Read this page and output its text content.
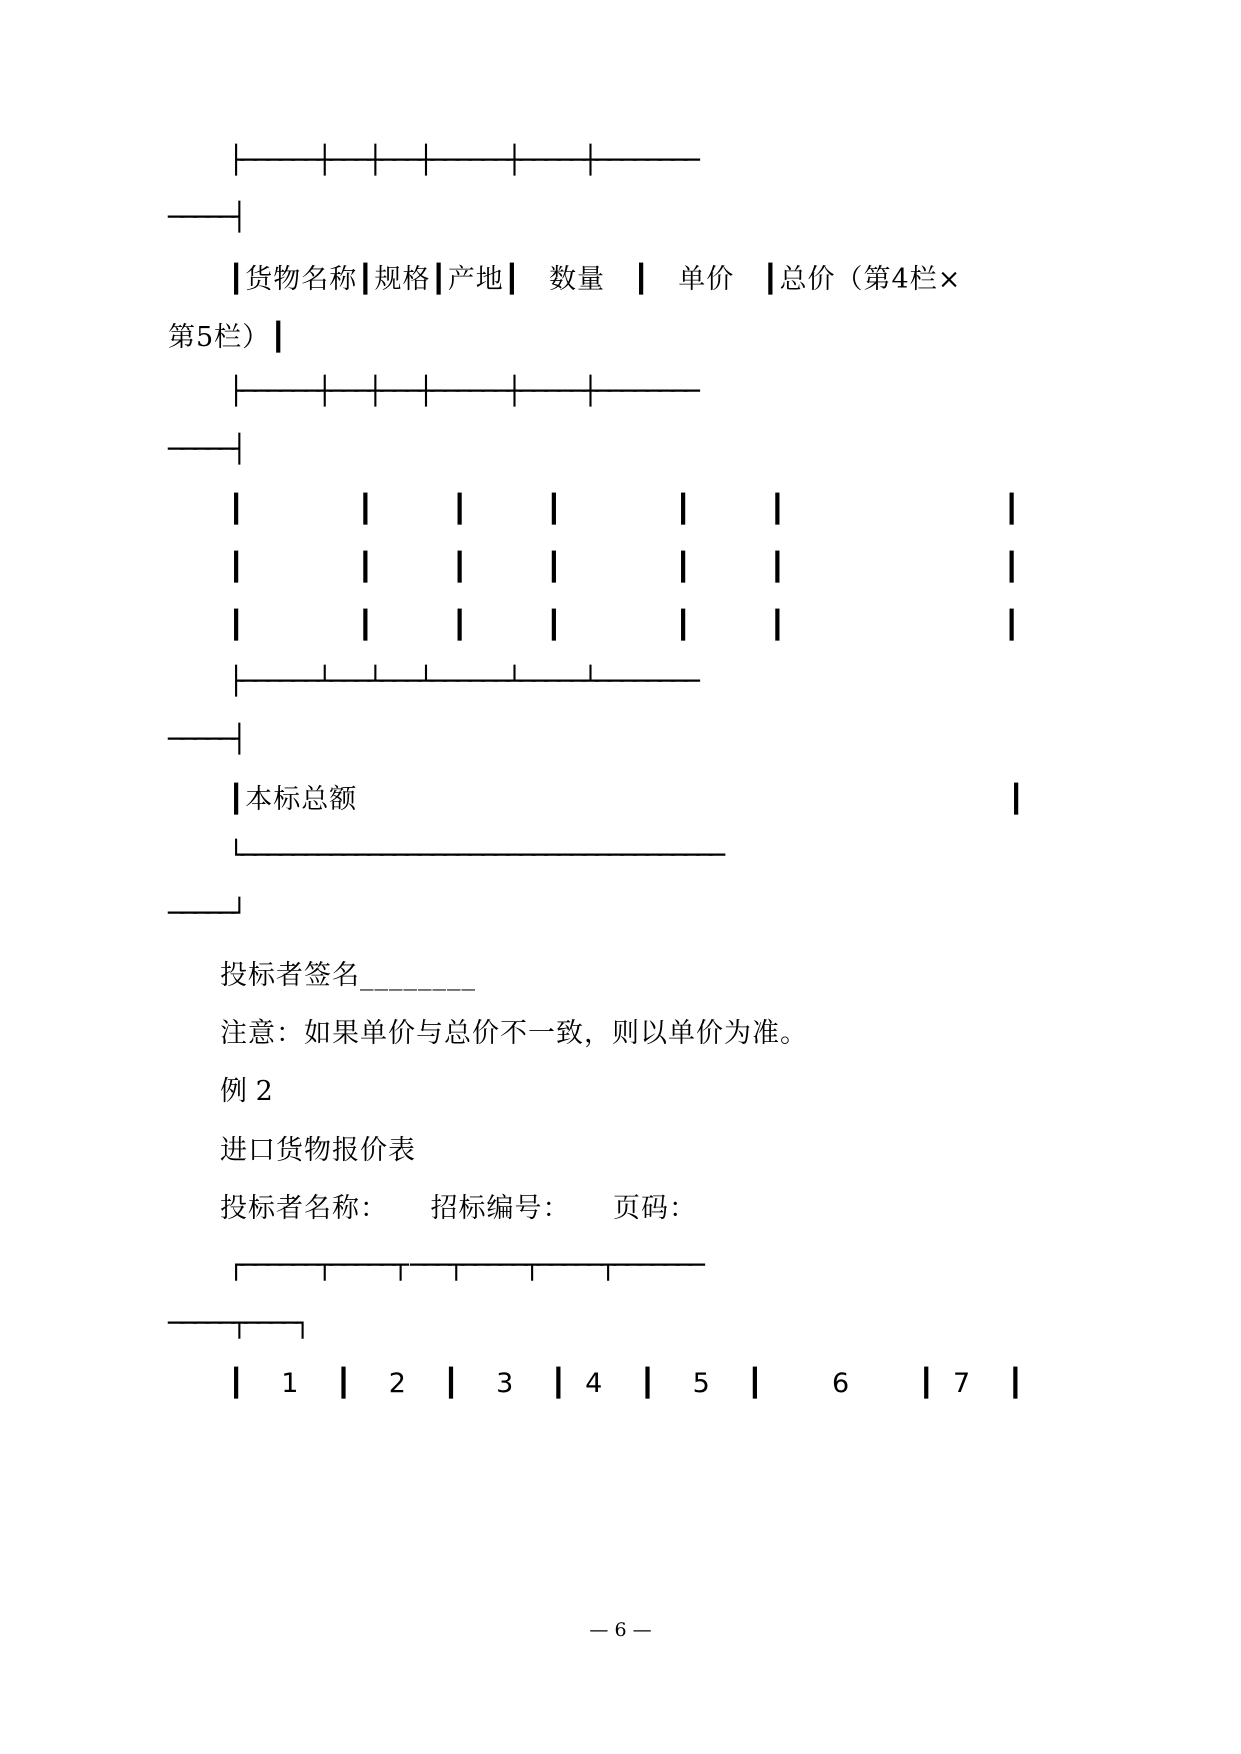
├──────┼───┼───┼──────┼─────┼────────
─────┤
┃货物名称┃规格┃产地┃　数量　┃　单价　┃总价（第4栏×
第5栏）┃
├──────┼───┼───┼──────┼─────┼────────
─────┤
┃　　　┃　　┃　　┃　　　┃　　┃　　　　　　┃
┃　　　┃　　┃　　┃　　　┃　　┃　　　　　　┃
┃　　　┃　　┃　　┃　　　┃　　┃　　　　　　┃
├──────┴───┴───┴──────┴─────┴────────
─────┤
┃本标总额	┃
└──────────────────────────────────────
─────┘
投标者签名________
注意：如果单价与总价不一致，则以单价为准。
例 2
进口货物报价表
投标者名称：　　招标编号：　　页码：
┌──────┬─────┬ ───┬─────┬─────┬───────
─────┬────┐
┃　1　┃　2　┃　3　┃ 4　┃　5　┃　　6　　┃ 7　┃
— 6 —
